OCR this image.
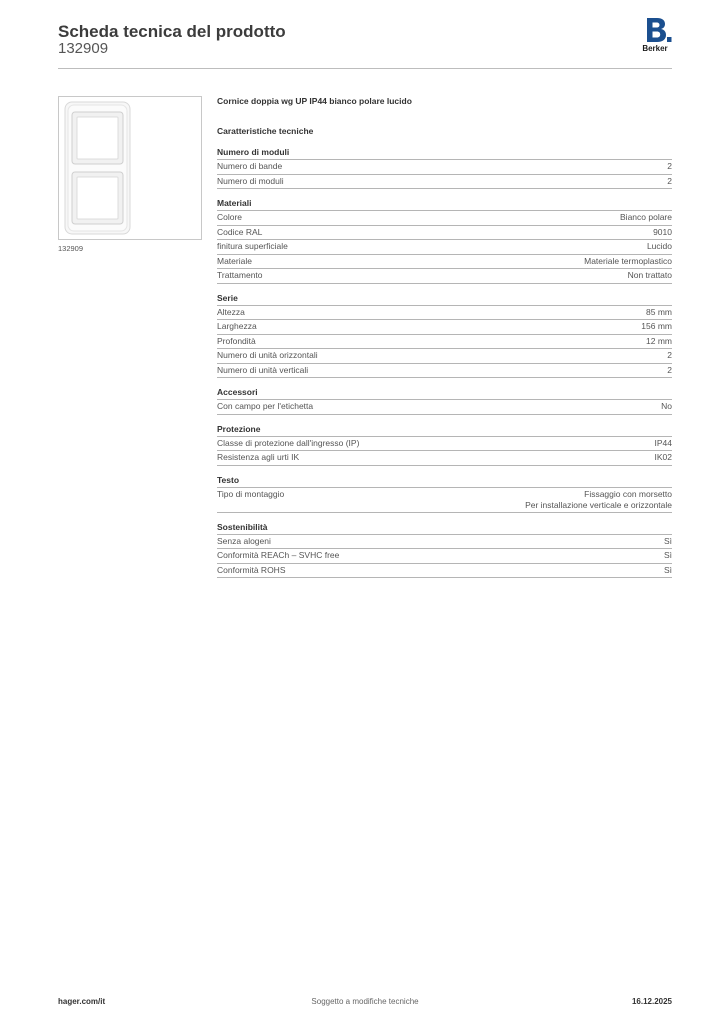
Scheda tecnica del prodotto
132909	Berker
132909
Cornice doppia wg UP IP44 bianco polare lucido
Caratteristiche tecniche
Numero di moduli
Numero di bande	2
Numero di moduli	2
Materiali
Colore	Bianco polare
Codice RAL	9010
finitura superficiale	Lucido
Materiale	Materiale termoplastico
Trattamento	Non trattato
Serie
Altezza	85 mm
Larghezza	156 mm
Profondità	12 mm
Numero di unità orizzontali	2
Numero di unità verticali	2
Accessori
Con campo per l'etichetta	No
Protezione
Classe di protezione dall'ingresso (IP)	IP44
Resistenza agli urti IK	IK02
Testo
Tipo di montaggio	Fissaggio con morsetto
Per installazione verticale e orizzontale
Sostenibilità
Senza alogeni	Sì
Conformità REACh – SVHC free	Sì
Conformità ROHS	Sì
hager.com/it	Soggetto a modifiche tecniche	16.12.2025
